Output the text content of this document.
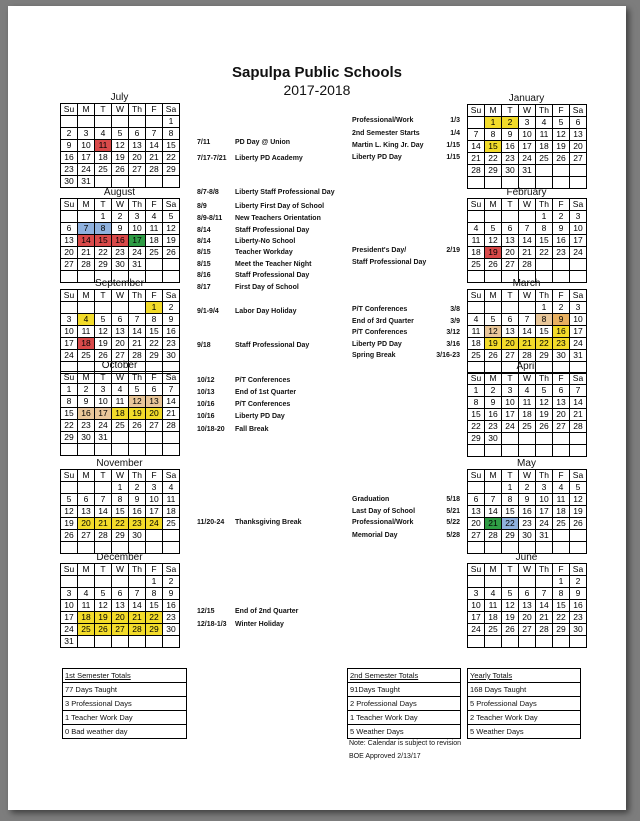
Sapulpa Public Schools
2017-2018
July
Su	M	T	W	Th	F	Sa
						1
2	3	4	5	6	7	8
9	10	11	12	13	14	15
16	17	18	19	20	21	22
23	24	25	26	27	28	29
30	31					
August
Su	M	T	W	Th	F	Sa
		1	2	3	4	5
6	7	8	9	10	11	12
13	14	15	16	17	18	19
20	21	22	23	24	25	26
27	28	29	30	31		

September
Su	M	T	W	Th	F	Sa
					1	2
3	4	5	6	7	8	9
10	11	12	13	14	15	16
17	18	19	20	21	22	23
24	25	26	27	28	29	30

October
Su	M	T	W	Th	F	Sa
1	2	3	4	5	6	7
8	9	10	11	12	13	14
15	16	17	18	19	20	21
22	23	24	25	26	27	28
29	30	31				

November
Su	M	T	W	Th	F	Sa
			1	2	3	4
5	6	7	8	9	10	11
12	13	14	15	16	17	18
19	20	21	22	23	24	25
26	27	28	29	30		

December
Su	M	T	W	Th	F	Sa
					1	2
3	4	5	6	7	8	9
10	11	12	13	14	15	16
17	18	19	20	21	22	23
24	25	26	27	28	29	30
31						
January
Su	M	T	W	Th	F	Sa
	1	2	3	4	5	6
7	8	9	10	11	12	13
14	15	16	17	18	19	20
21	22	23	24	25	26	27
28	29	30	31			

February
Su	M	T	W	Th	F	Sa
				1	2	3
4	5	6	7	8	9	10
11	12	13	14	15	16	17
18	19	20	21	22	23	24
25	26	27	28			

March
Su	M	T	W	Th	F	Sa
				1	2	3
4	5	6	7	8	9	10
11	12	13	14	15	16	17
18	19	20	21	22	23	24
25	26	27	28	29	30	31

April
Su	M	T	W	Th	F	Sa
1	2	3	4	5	6	7
8	9	10	11	12	13	14
15	16	17	18	19	20	21
22	23	24	25	26	27	28
29	30					

May
Su	M	T	W	Th	F	Sa
		1	2	3	4	5
6	7	8	9	10	11	12
13	14	15	16	17	18	19
20	21	22	23	24	25	26
27	28	29	30	31		

June
Su	M	T	W	Th	F	Sa
					1	2
3	4	5	6	7	8	9
10	11	12	13	14	15	16
17	18	19	20	21	22	23
24	25	26	27	28	29	30

7/11	PD Day @ Union
7/17-7/21 Liberty PD Academy
8/7-8/8 Liberty Staff Professional Day
8/9	Liberty First Day of School
8/9-8/11 New Teachers Orientation
8/14	Staff Professional Day
8/14	Liberty-No School
8/15	Teacher Workday
8/15	Meet the Teacher Night
8/16	Staff Professional Day
8/17	First Day of School
9/1-9/4 Labor Day Holiday
9/18	Staff Professional Day
10/12	P/T Conferences
10/13	End of 1st Quarter
10/16	P/T Conferences
10/16	Liberty PD Day
10/18-20 Fall Break
11/20-24 Thanksgiving Break
12/15	End of 2nd Quarter
12/18-1/3 Winter Holiday
Professional/Work	1/3
2nd Semester Starts	1/4
Martin L. King Jr. Day	1/15
Liberty PD Day	1/15
President's Day/	2/19
Staff Professional Day
P/T Conferences	3/8
End of 3rd Quarter	3/9
P/T Conferences	3/12
Liberty PD Day	3/16
Spring Break	3/16-23
Graduation	5/18
Last Day of School	5/21
Professional/Work	5/22
Memorial Day	5/28
1st Semester Totals
77 Days Taught
3 Professional Days
1 Teacher Work Day
0 Bad weather day
2nd Semester Totals
91Days Taught
2 Professional Days
1 Teacher Work Day
5 Weather Days
Yearly Totals
168 Days Taught
5 Professional Days
2 Teacher Work Day
5 Weather Days
Note: Calendar is subject to revision
BOE Approved 2/13/17
